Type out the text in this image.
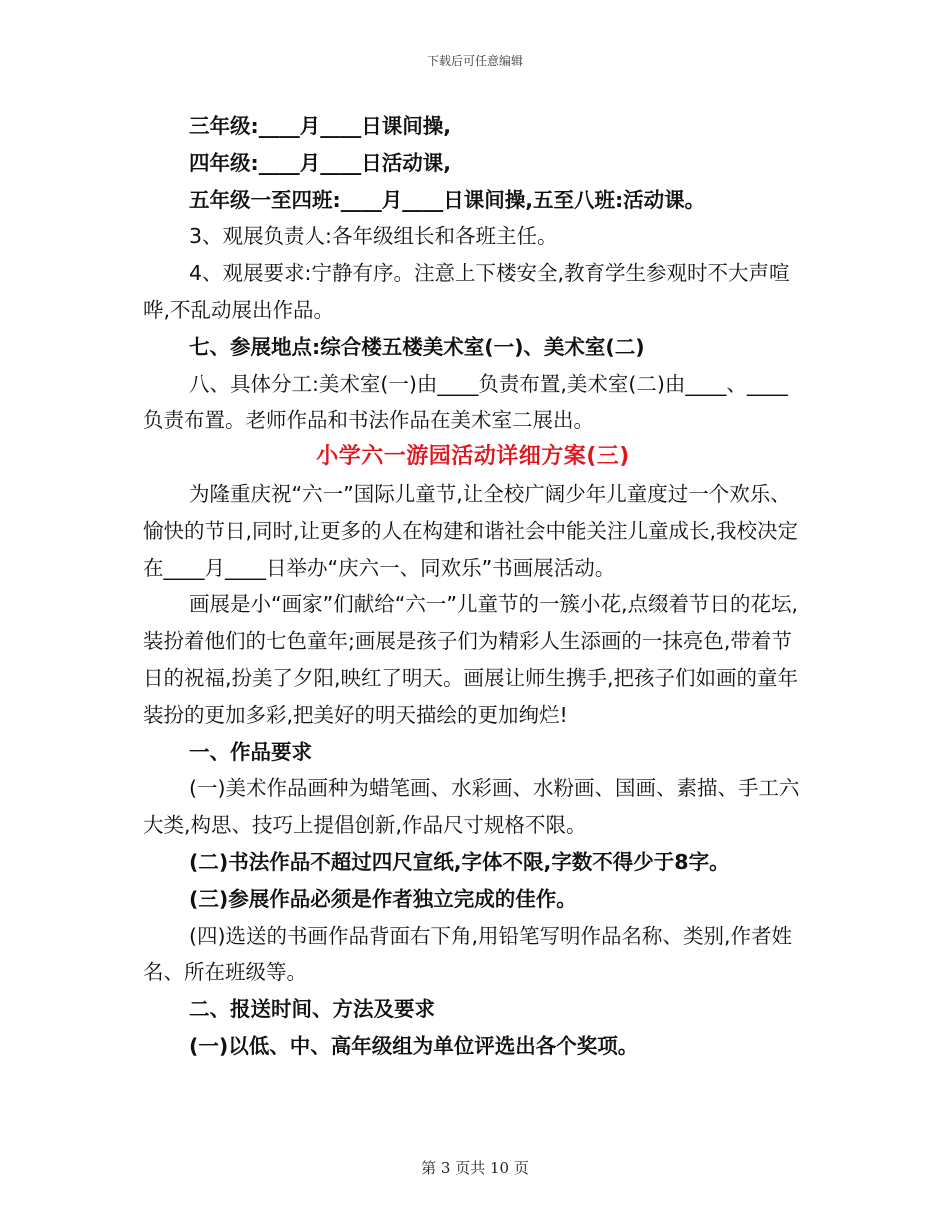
下载后可任意编辑

三年级:____月____日课间操,

四年级:____月____日活动课,

五年级一至四班:____月____日课间操,五至八班:活动课。

3、观展负责人:各年级组长和各班主任。

4、观展要求:宁静有序。注意上下楼安全,教育学生参观时不大声喧哗,不乱动展出作品。

七、参展地点:综合楼五楼美术室(一)、美术室(二)

八、具体分工:美术室(一)由____负责布置,美术室(二)由____、____负责布置。老师作品和书法作品在美术室二展出。

小学六一游园活动详细方案(三)

为隆重庆祝“六一”国际儿童节,让全校广阔少年儿童度过一个欢乐、愉快的节日,同时,让更多的人在构建和谐社会中能关注儿童成长,我校决定在____月____日举办“庆六一、同欢乐”书画展活动。

画展是小“画家”们献给“六一”儿童节的一簇小花,点缀着节日的花坛,装扮着他们的七色童年;画展是孩子们为精彩人生添画的一抹亮色,带着节日的祝福,扮美了夕阳,映红了明天。画展让师生携手,把孩子们如画的童年装扮的更加多彩,把美好的明天描绘的更加绚烂!

一、作品要求

(一)美术作品画种为蜡笔画、水彩画、水粉画、国画、素描、手工六大类,构思、技巧上提倡创新,作品尺寸规格不限。

(二)书法作品不超过四尺宣纸,字体不限,字数不得少于8字。

(三)参展作品必须是作者独立完成的佳作。

(四)选送的书画作品背面右下角,用铅笔写明作品名称、类别,作者姓名、所在班级等。

二、报送时间、方法及要求

(一)以低、中、高年级组为单位评选出各个奖项。

第 3 页共 10 页
